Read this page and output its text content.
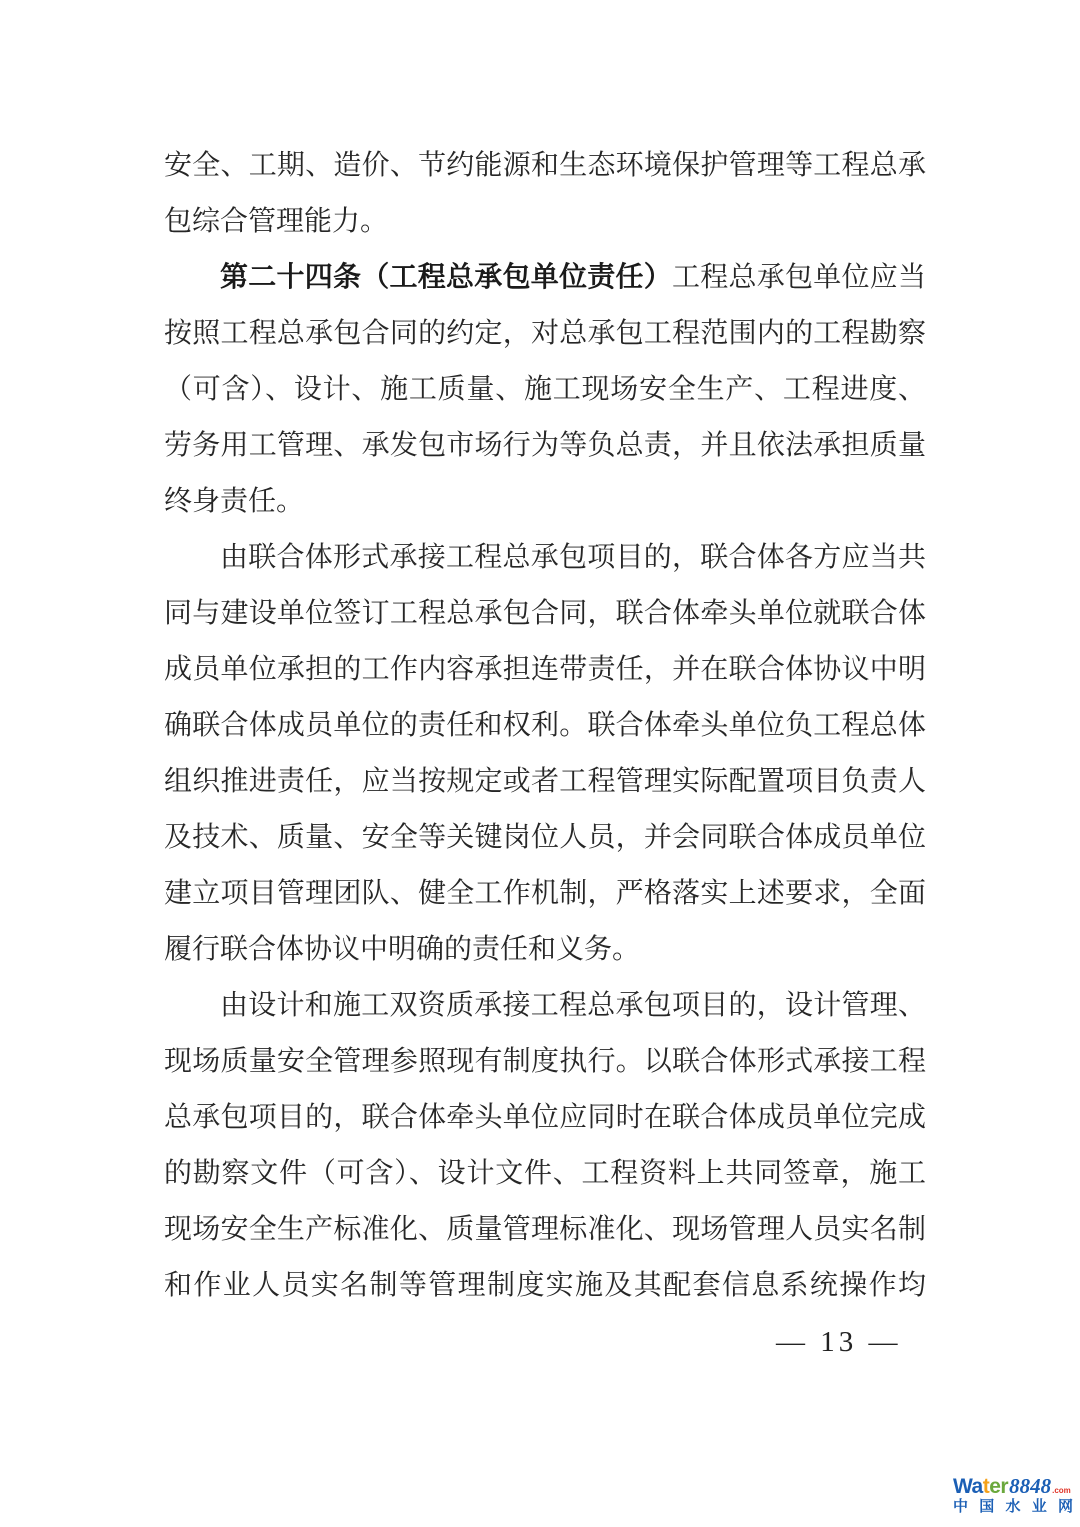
安全、工期、造价、节约能源和生态环境保护管理等工程总承
包综合管理能力。
第二十四条（工程总承包单位责任）工程总承包单位应当
按照工程总承包合同的约定，对总承包工程范围内的工程勘察
（可含）、设计、施工质量、施工现场安全生产、工程进度、
劳务用工管理、承发包市场行为等负总责，并且依法承担质量
终身责任。
由联合体形式承接工程总承包项目的，联合体各方应当共
同与建设单位签订工程总承包合同，联合体牵头单位就联合体
成员单位承担的工作内容承担连带责任，并在联合体协议中明
确联合体成员单位的责任和权利。联合体牵头单位负工程总体
组织推进责任，应当按规定或者工程管理实际配置项目负责人
及技术、质量、安全等关键岗位人员，并会同联合体成员单位
建立项目管理团队、健全工作机制，严格落实上述要求，全面
履行联合体协议中明确的责任和义务。
由设计和施工双资质承接工程总承包项目的，设计管理、
现场质量安全管理参照现有制度执行。以联合体形式承接工程
总承包项目的，联合体牵头单位应同时在联合体成员单位完成
的勘察文件（可含）、设计文件、工程资料上共同签章，施工
现场安全生产标准化、质量管理标准化、现场管理人员实名制
和作业人员实名制等管理制度实施及其配套信息系统操作均
— 13 —
Wa t er 8848 .com
中国水业网
